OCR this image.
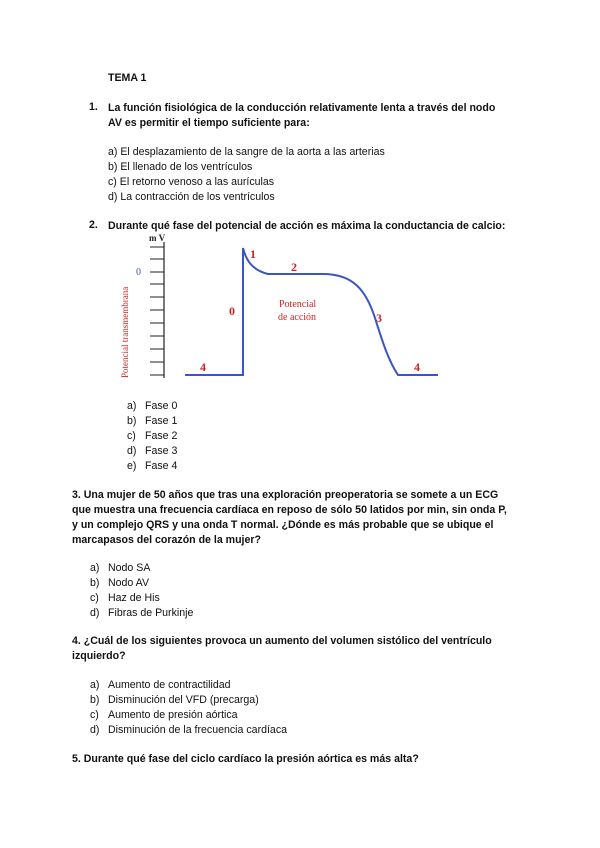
TEMA 1
1. La función fisiológica de la conducción relativamente lenta a través del nodo
AV es permitir el tiempo suficiente para:
a) El desplazamiento de la sangre de la aorta a las arterias
b) El llenado de los ventrículos
c) El retorno venoso a las aurículas
d) La contracción de los ventrículos
2. Durante qué fase del potencial de acción es máxima la conductancia de calcio:
m V
0
Potencial transmembrana	0
1
2
3
4	4
Potencial
de acción
a) Fase 0
b) Fase 1
c) Fase 2
d) Fase 3
e) Fase 4
3. Una mujer de 50 años que tras una exploración preoperatoria se somete a un ECG
que muestra una frecuencia cardíaca en reposo de sólo 50 latidos por min, sin onda P,
y un complejo QRS y una onda T normal. ¿Dónde es más probable que se ubique el
marcapasos del corazón de la mujer?
a) Nodo SA
b) Nodo AV
c) Haz de His
d) Fibras de Purkinje
4. ¿Cuál de los siguientes provoca un aumento del volumen sistólico del ventrículo
izquierdo?
a) Aumento de contractilidad
b) Disminución del VFD (precarga)
c) Aumento de presión aórtica
d) Disminución de la frecuencia cardíaca
5. Durante qué fase del ciclo cardíaco la presión aórtica es más alta?
